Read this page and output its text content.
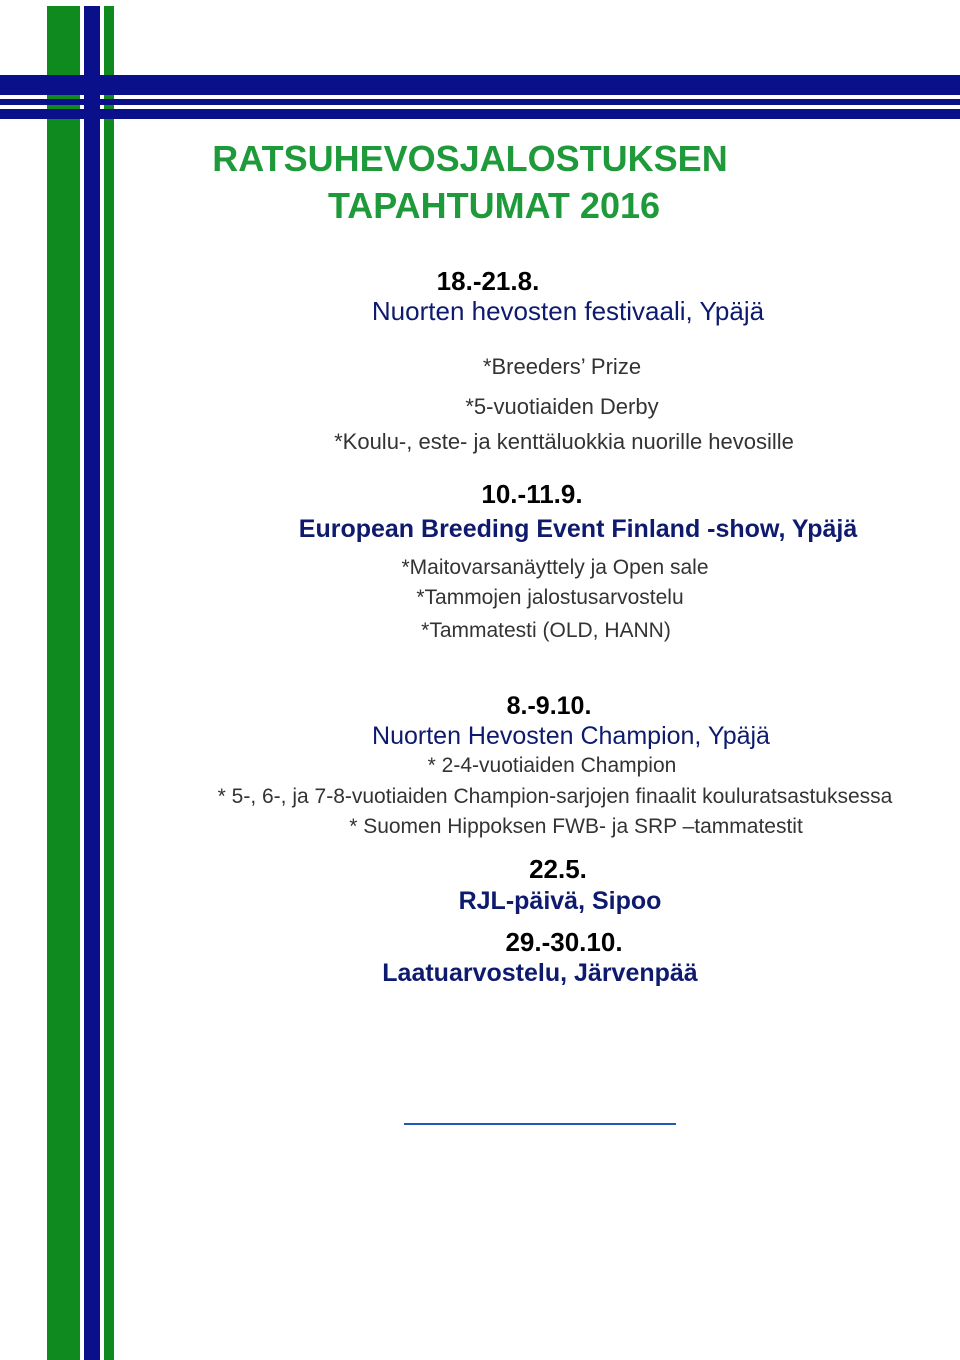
RATSUHEVOSJALOSTUKSEN
TAPAHTUMAT 2016
18.-21.8.
Nuorten hevosten festivaali, Ypäjä
*Breeders’ Prize
*5-vuotiaiden Derby
*Koulu-, este- ja kenttäluokkia nuorille hevosille
10.-11.9.
European Breeding Event Finland -show, Ypäjä
*Maitovarsanäyttely ja Open sale
*Tammojen jalostusarvostelu
*Tammatesti (OLD, HANN)
8.-9.10.
Nuorten Hevosten Champion, Ypäjä
* 2-4-vuotiaiden Champion
* 5-, 6-, ja 7-8-vuotiaiden Champion-sarjojen finaalit kouluratsastuksessa
* Suomen Hippoksen FWB- ja SRP –tammatestit
22.5.
RJL-päivä, Sipoo
29.-30.10.
Laatuarvostelu, Järvenpää
